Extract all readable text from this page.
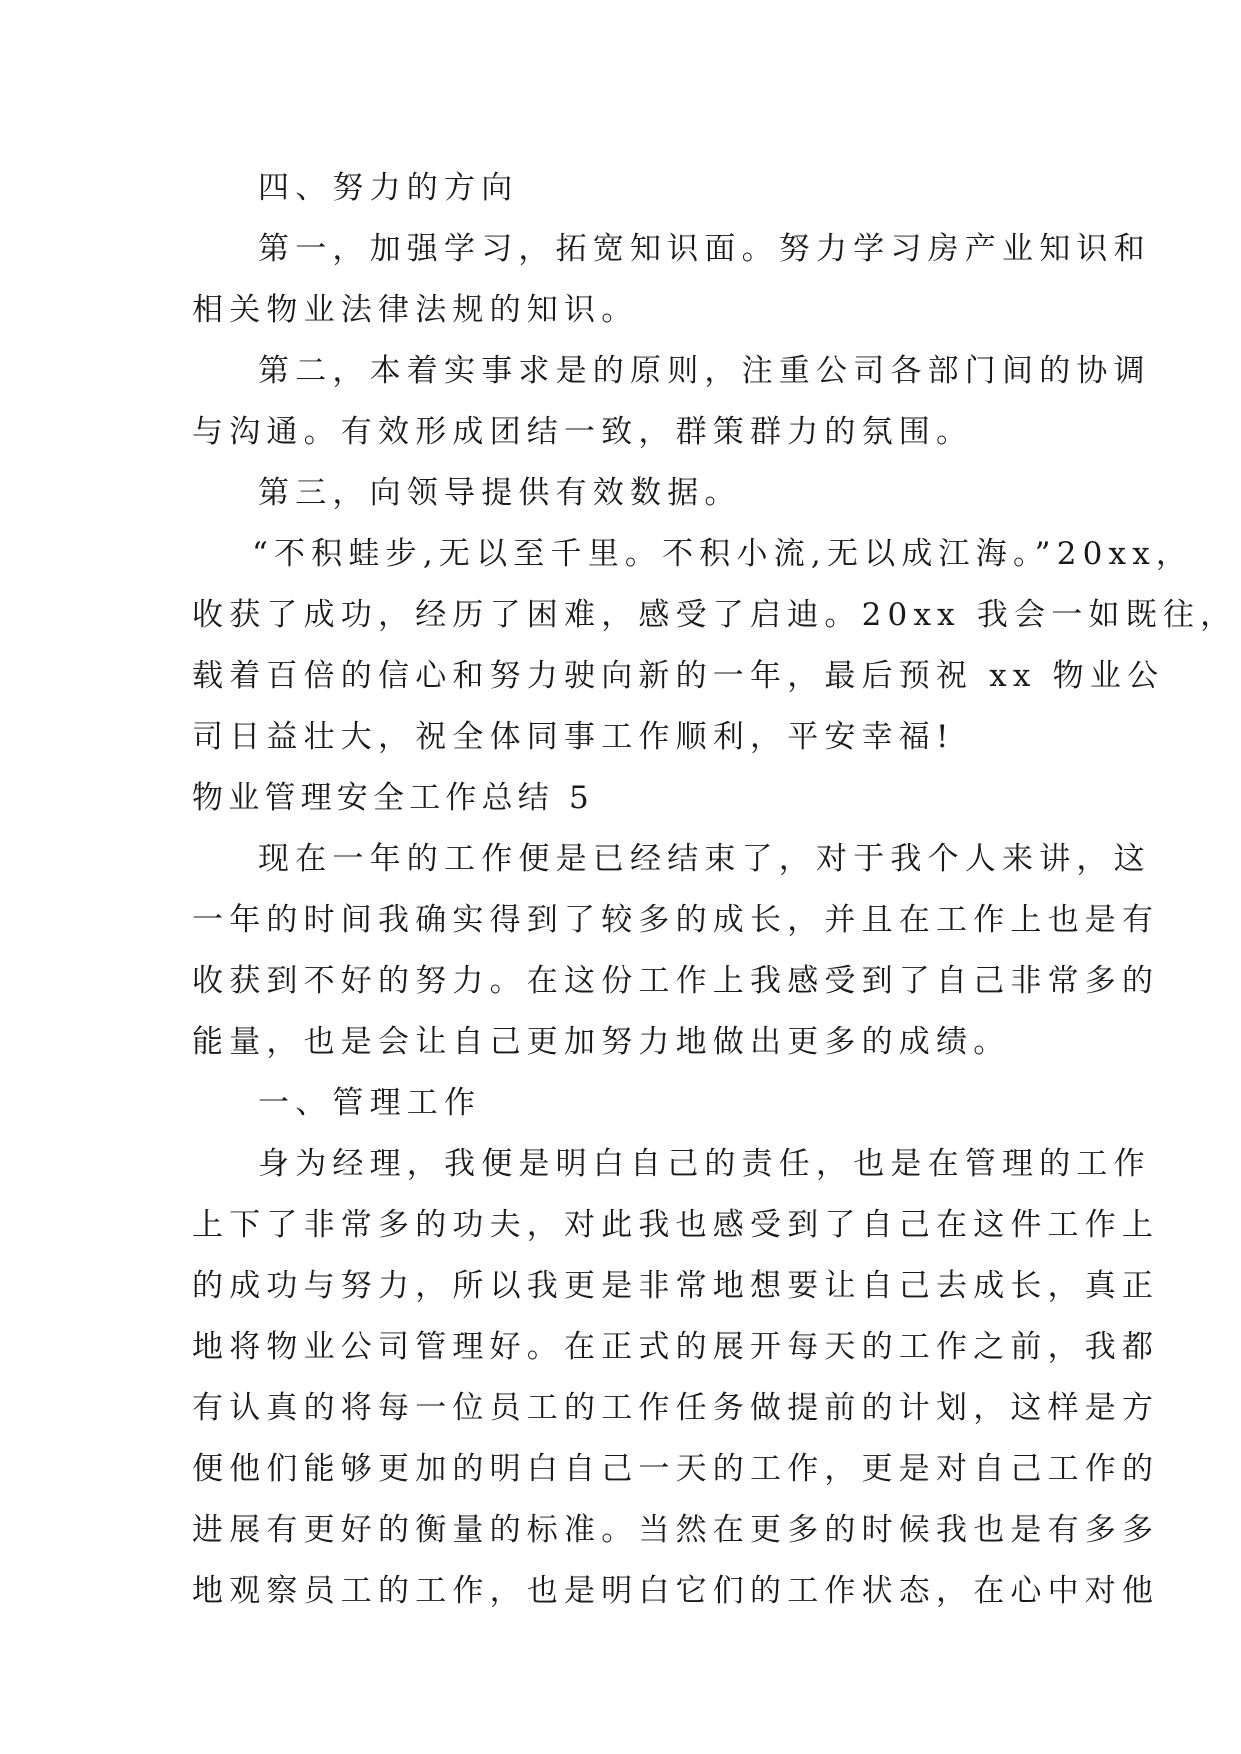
四、努力的方向
第一，加强学习，拓宽知识面。努力学习房产业知识和
相关物业法律法规的知识。
第二，本着实事求是的原则，注重公司各部门间的协调
与沟通。有效形成团结一致，群策群力的氛围。
第三，向领导提供有效数据。
“不积蛙步,无以至千里。不积小流,无以成江海。”20xx，
收获了成功，经历了困难，感受了启迪。20xx 我会一如既往，
载着百倍的信心和努力驶向新的一年，最后预祝 xx 物业公
司日益壮大，祝全体同事工作顺利，平安幸福!
物业管理安全工作总结 5
现在一年的工作便是已经结束了，对于我个人来讲，这
一年的时间我确实得到了较多的成长，并且在工作上也是有
收获到不好的努力。在这份工作上我感受到了自己非常多的
能量，也是会让自己更加努力地做出更多的成绩。
一、管理工作
身为经理，我便是明白自己的责任，也是在管理的工作
上下了非常多的功夫，对此我也感受到了自己在这件工作上
的成功与努力，所以我更是非常地想要让自己去成长，真正
地将物业公司管理好。在正式的展开每天的工作之前，我都
有认真的将每一位员工的工作任务做提前的计划，这样是方
便他们能够更加的明白自己一天的工作，更是对自己工作的
进展有更好的衡量的标准。当然在更多的时候我也是有多多
地观察员工的工作，也是明白它们的工作状态，在心中对他
